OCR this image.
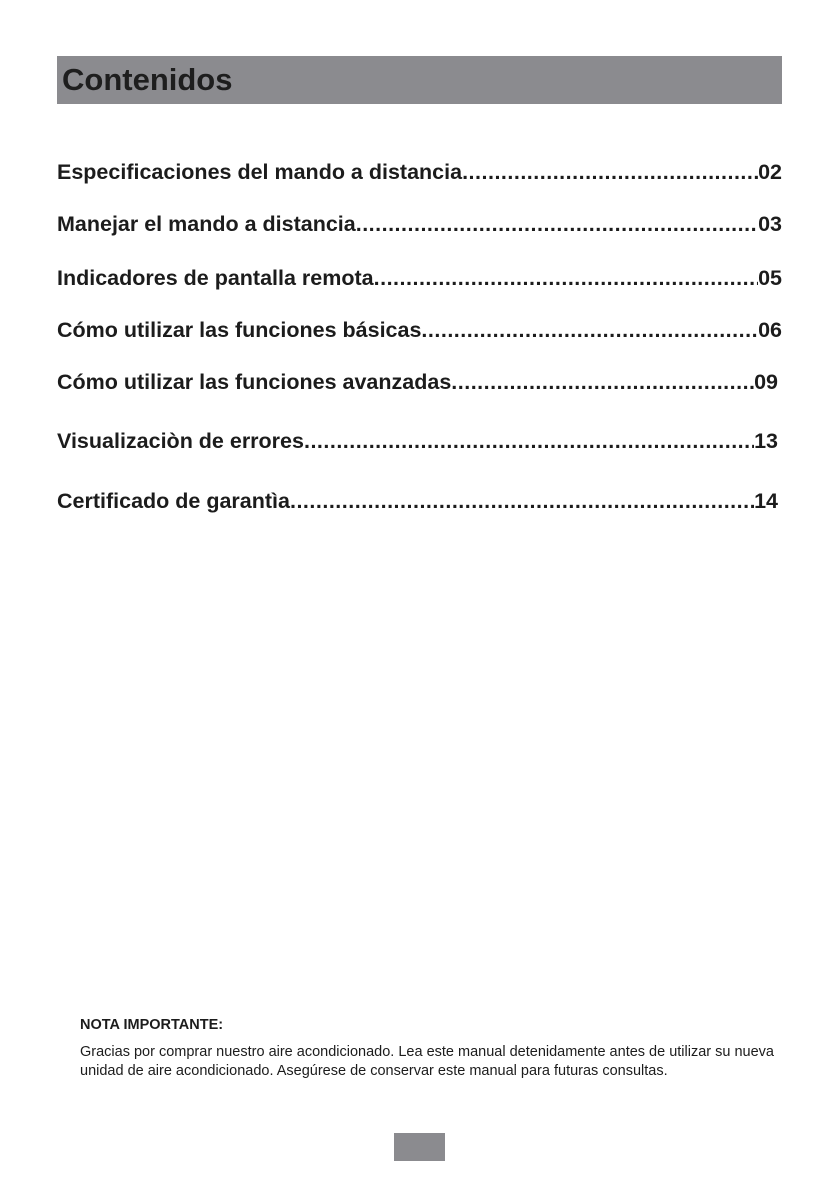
Contenidos
Especificaciones del mando a distancia .....	02
Manejar el mando a distancia .....	03
Indicadores de pantalla remota .....	05
Cómo utilizar las funciones básicas .....	06
Cómo utilizar las funciones avanzadas .....	09
Visualizaciòn de errores .....	13
Certificado de garantìa .....	14
NOTA IMPORTANTE:

Gracias por comprar nuestro aire acondicionado. Lea este manual detenidamente antes de utilizar su nueva unidad de aire acondicionado. Asegúrese de conservar este manual para futuras consultas.
